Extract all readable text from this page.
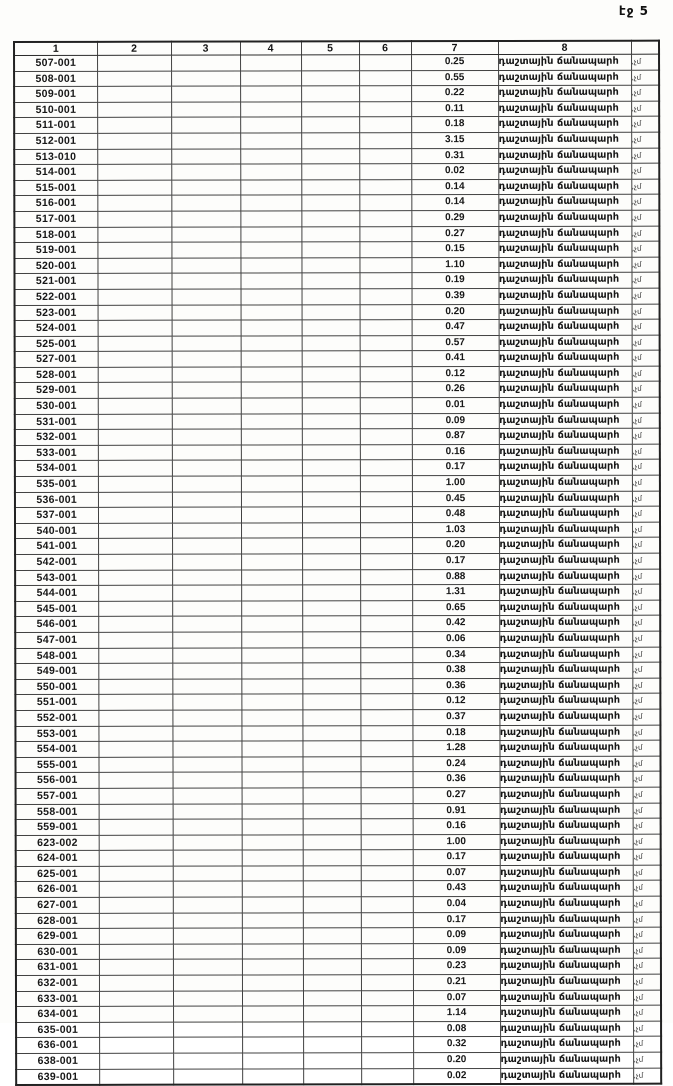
էջ 5
1	2	3	4	5	6	7	8	
507-001						0.25	դաշտային ճանապարհ	,չմ
508-001						0.55	դաշտային ճանապարհ	,չմ
509-001						0.22	դաշտային ճանապարհ	,չմ
510-001						0.11	դաշտային ճանապարհ	,չմ
511-001						0.18	դաշտային ճանապարհ	,չմ
512-001						3.15	դաշտային ճանապարհ	,չմ
513-010						0.31	դաշտային ճանապարհ	,չմ
514-001						0.02	դաշտային ճանապարհ	,չմ
515-001						0.14	դաշտային ճանապարհ	,չմ
516-001						0.14	դաշտային ճանապարհ	,չմ
517-001						0.29	դաշտային ճանապարհ	,չմ
518-001						0.27	դաշտային ճանապարհ	,չմ
519-001						0.15	դաշտային ճանապարհ	,չմ
520-001						1.10	դաշտային ճանապարհ	,չմ
521-001						0.19	դաշտային ճանապարհ	,չմ
522-001						0.39	դաշտային ճանապարհ	,չմ
523-001						0.20	դաշտային ճանապարհ	,չմ
524-001						0.47	դաշտային ճանապարհ	,չմ
525-001						0.57	դաշտային ճանապարհ	,չմ
527-001						0.41	դաշտային ճանապարհ	,չմ
528-001						0.12	դաշտային ճանապարհ	,չմ
529-001						0.26	դաշտային ճանապարհ	,չմ
530-001						0.01	դաշտային ճանապարհ	,չմ
531-001						0.09	դաշտային ճանապարհ	,չմ
532-001						0.87	դաշտային ճանապարհ	,չմ
533-001						0.16	դաշտային ճանապարհ	,չմ
534-001						0.17	դաշտային ճանապարհ	,չմ
535-001						1.00	դաշտային ճանապարհ	,չմ
536-001						0.45	դաշտային ճանապարհ	,չմ
537-001						0.48	դաշտային ճանապարհ	,չմ
540-001						1.03	դաշտային ճանապարհ	,չմ
541-001						0.20	դաշտային ճանապարհ	,չմ
542-001						0.17	դաշտային ճանապարհ	,չմ
543-001						0.88	դաշտային ճանապարհ	,չմ
544-001						1.31	դաշտային ճանապարհ	,չմ
545-001						0.65	դաշտային ճանապարհ	,չմ
546-001						0.42	դաշտային ճանապարհ	,չմ
547-001						0.06	դաշտային ճանապարհ	,չմ
548-001						0.34	դաշտային ճանապարհ	,չմ
549-001						0.38	դաշտային ճանապարհ	,չմ
550-001						0.36	դաշտային ճանապարհ	,չմ
551-001						0.12	դաշտային ճանապարհ	,չմ
552-001						0.37	դաշտային ճանապարհ	,չմ
553-001						0.18	դաշտային ճանապարհ	,չմ
554-001						1.28	դաշտային ճանապարհ	,չմ
555-001						0.24	դաշտային ճանապարհ	,չմ
556-001						0.36	դաշտային ճանապարհ	,չմ
557-001						0.27	դաշտային ճանապարհ	,չմ
558-001						0.91	դաշտային ճանապարհ	,չմ
559-001						0.16	դաշտային ճանապարհ	,չմ
623-002						1.00	դաշտային ճանապարհ	,չմ
624-001						0.17	դաշտային ճանապարհ	,չմ
625-001						0.07	դաշտային ճանապարհ	,չմ
626-001						0.43	դաշտային ճանապարհ	,չմ
627-001						0.04	դաշտային ճանապարհ	,չմ
628-001						0.17	դաշտային ճանապարհ	,չմ
629-001						0.09	դաշտային ճանապարհ	,չմ
630-001						0.09	դաշտային ճանապարհ	,չմ
631-001						0.23	դաշտային ճանապարհ	,չմ
632-001						0.21	դաշտային ճանապարհ	,չմ
633-001						0.07	դաշտային ճանապարհ	,չմ
634-001						1.14	դաշտային ճանապարհ	,չմ
635-001						0.08	դաշտային ճանապարհ	,չմ
636-001						0.32	դաշտային ճանապարհ	,չմ
638-001						0.20	դաշտային ճանապարհ	,չմ
639-001						0.02	դաշտային ճանապարհ	,չմ
